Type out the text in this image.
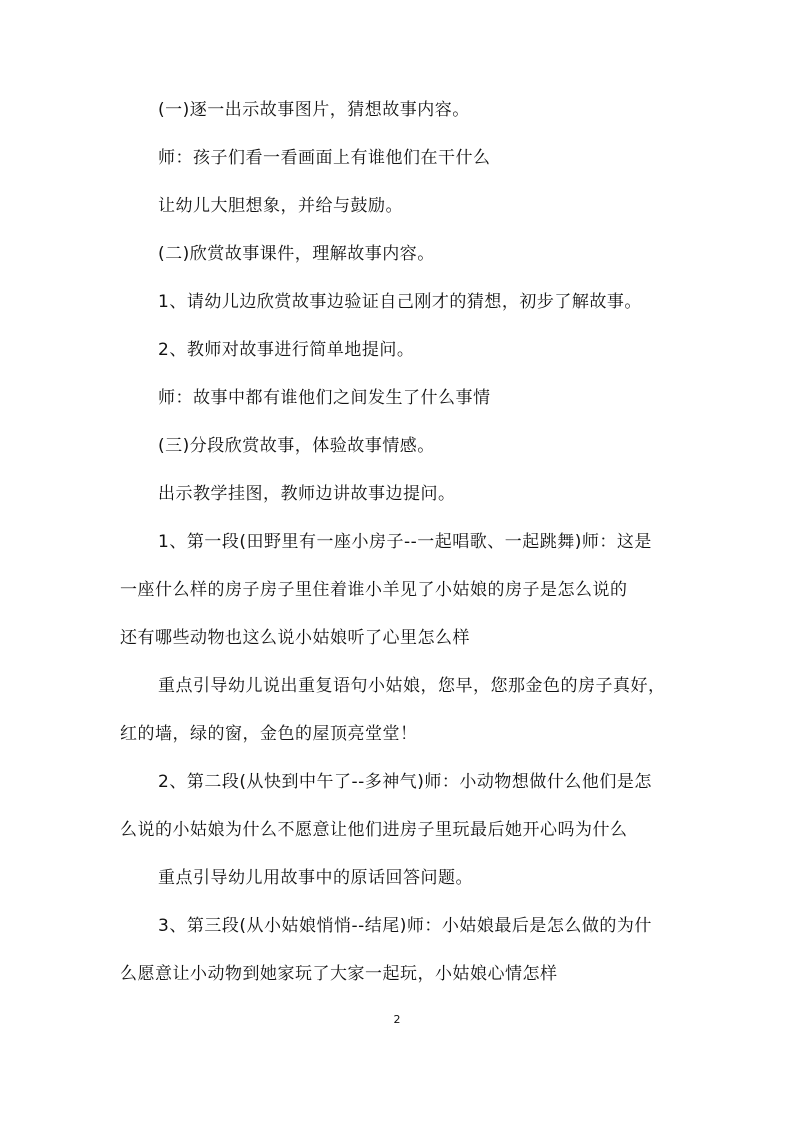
(一)逐一出示故事图片，猜想故事内容。
师：孩子们看一看画面上有谁他们在干什么
让幼儿大胆想象，并给与鼓励。
(二)欣赏故事课件，理解故事内容。
1、请幼儿边欣赏故事边验证自己刚才的猜想，初步了解故事。
2、教师对故事进行简单地提问。
师：故事中都有谁他们之间发生了什么事情
(三)分段欣赏故事，体验故事情感。
出示教学挂图，教师边讲故事边提问。
1、第一段(田野里有一座小房子--一起唱歌、一起跳舞)师：这是
一座什么样的房子房子里住着谁小羊见了小姑娘的房子是怎么说的
还有哪些动物也这么说小姑娘听了心里怎么样
重点引导幼儿说出重复语句小姑娘，您早，您那金色的房子真好，
红的墙，绿的窗，金色的屋顶亮堂堂！
2、第二段(从快到中午了--多神气)师：小动物想做什么他们是怎
么说的小姑娘为什么不愿意让他们进房子里玩最后她开心吗为什么
重点引导幼儿用故事中的原话回答问题。
3、第三段(从小姑娘悄悄--结尾)师：小姑娘最后是怎么做的为什
么愿意让小动物到她家玩了大家一起玩，小姑娘心情怎样
2
